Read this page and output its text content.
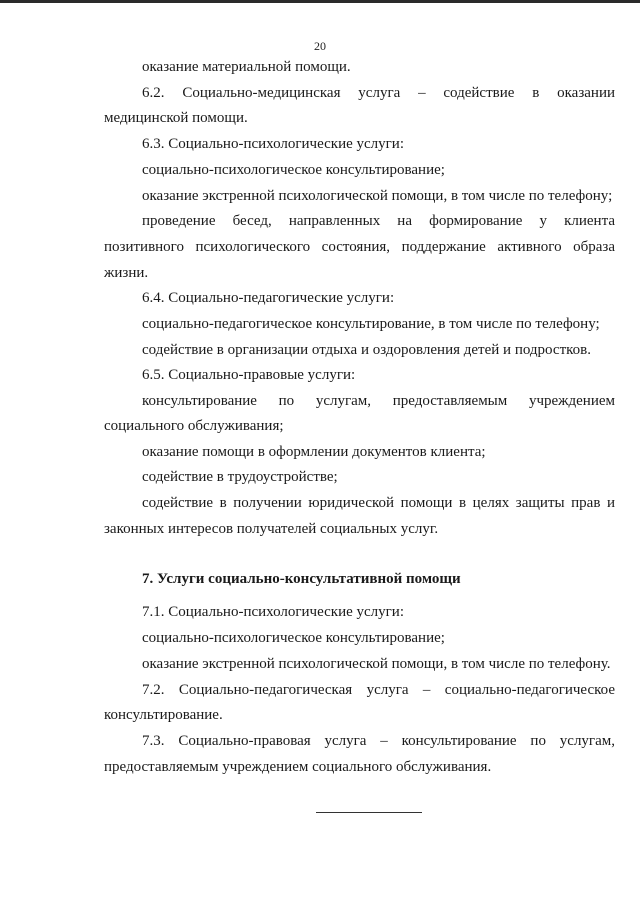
20
оказание материальной помощи.
6.2. Социально-медицинская услуга – содействие в оказании
медицинской помощи.
6.3. Социально-психологические услуги:
социально-психологическое консультирование;
оказание экстренной психологической помощи, в том числе по телефону;
проведение бесед, направленных на формирование у клиента
позитивного психологического состояния, поддержание активного образа
жизни.
6.4. Социально-педагогические услуги:
социально-педагогическое консультирование, в том числе по телефону;
содействие в организации отдыха и оздоровления детей и подростков.
6.5. Социально-правовые услуги:
консультирование по услугам, предоставляемым учреждением
социального обслуживания;
оказание помощи в оформлении документов клиента;
содействие в трудоустройстве;
содействие в получении юридической помощи в целях защиты прав и
законных интересов получателей социальных услуг.
7. Услуги социально-консультативной помощи
7.1. Социально-психологические услуги:
социально-психологическое консультирование;
оказание экстренной психологической помощи, в том числе по телефону.
7.2. Социально-педагогическая услуга – социально-педагогическое
консультирование.
7.3. Социально-правовая услуга – консультирование по услугам,
предоставляемым учреждением социального обслуживания.
